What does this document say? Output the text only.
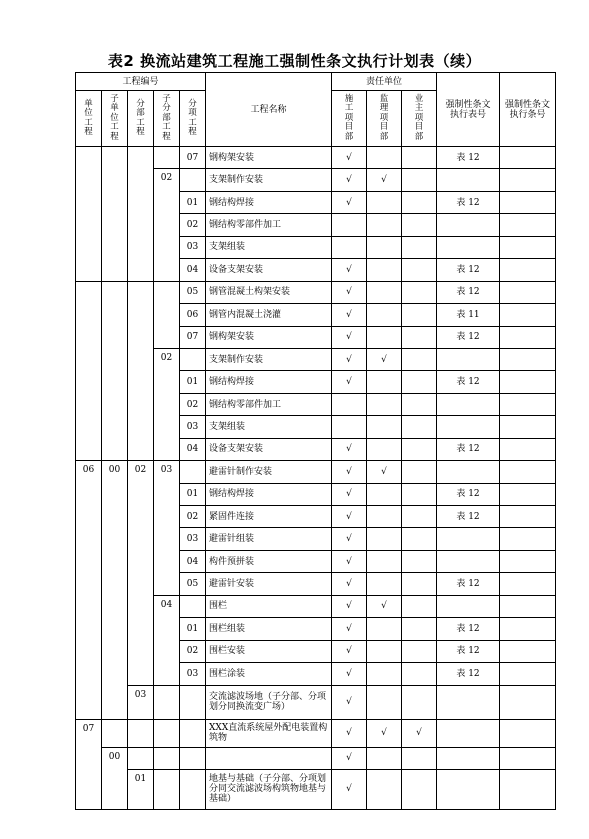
表2 换流站建筑工程施工强制性条文执行计划表（续）
工程编号					工程名称	责任单位			强制性条文执行表号	强制性条文执行条号
单位工程	子单位工程	分部工程	子分部工程	分项工程		施工项目部	监理项目部	业主项目部		
				07	钢构架安装	√			表 12	
			02		支架制作安装	√	√			
				01	钢结构焊接	√			表 12	
				02	钢结构零部件加工					
				03	支架组装					
				04	设备支架安装	√			表 12	
				05	钢管混凝土构架安装	√			表 12	
				06	钢管内混凝土浇灌	√			表 11	
				07	钢构架安装	√			表 12	
			02		支架制作安装	√	√			
				01	钢结构焊接	√			表 12	
				02	钢结构零部件加工					
				03	支架组装					
				04	设备支架安装	√			表 12	
06	00	02	03		避雷针制作安装	√	√			
				01	钢结构焊接	√			表 12	
				02	紧固件连接	√			表 12	
				03	避雷针组装	√				
				04	构件预拼装	√				
				05	避雷针安装	√			表 12	
			04		围栏	√	√			
				01	围栏组装	√			表 12	
				02	围栏安装	√			表 12	
				03	围栏涂装	√			表 12	
		03			交流滤波场地（子分部、分项划分同换流变广场）	√				
07					XXX直流系统屋外配电装置构筑物	√	√	√		
	00					√				
		01			地基与基础（子分部、分项划分同交流滤波场构筑物地基与基础）	√				
